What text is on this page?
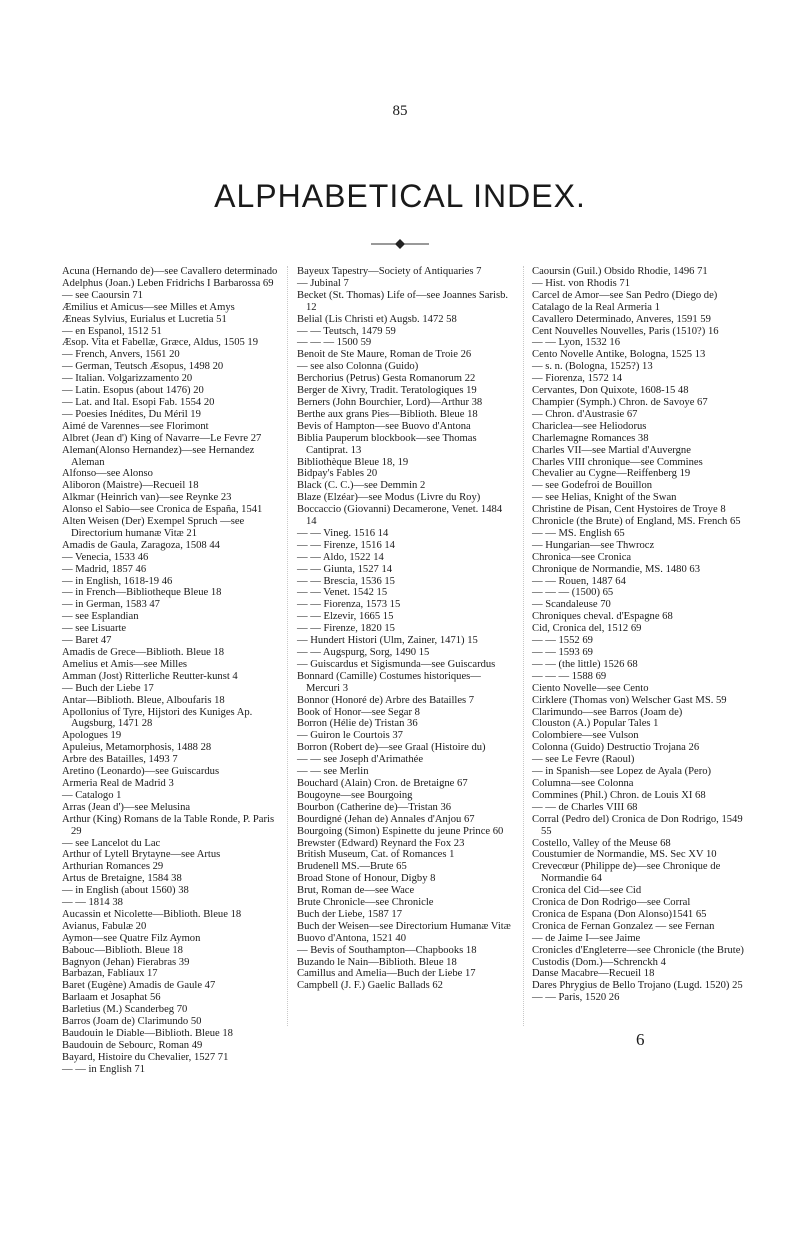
85
ALPHABETICAL INDEX.
Acuna (Hernando de)—see Cavallero determinado
Adelphus (Joan.) Leben Fridrichs I Barbarossa 69
— see Caoursin 71
Æmilius et Amicus—see Milles et Amys
Æneas Sylvius, Eurialus et Lucretia 51
— en Espanol, 1512 51
Æsop. Vita et Fabellæ, Græce, Aldus, 1505 19
— French, Anvers, 1561 20
— German, Teutsch Æsopus, 1498 20
— Italian. Volgarizzamento 20
— Latin. Esopus (about 1476) 20
— Lat. and Ital. Esopi Fab. 1554 20
— Poesies Inédites, Du Méril 19
Aimé de Varennes—see Florimont
Albret (Jean d') King of Navarre—Le Fevre 27
Aleman(Alonso Hernandez)—see Hernandez Aleman
Alfonso—see Alonso
Aliboron (Maistre)—Recueil 18
Alkmar (Heinrich van)—see Reynke 23
Alonso el Sabio—see Cronica de España, 1541
Alten Weisen (Der) Exempel Spruch —see Directorium humanæ Vitæ 21
Amadis de Gaula, Zaragoza, 1508 44
— Venecia, 1533 46
— Madrid, 1857 46
— in English, 1618-19 46
— in French—Bibliotheque Bleue 18
— in German, 1583 47
— see Esplandian
— see Lisuarte
— Baret 47
Amadis de Grece—Biblioth. Bleue 18
Amelius et Amis—see Milles
Amman (Jost) Ritterliche Reutter-kunst 4
— Buch der Liebe 17
Antar—Biblioth. Bleue, Alboufaris 18
Apollonius of Tyre, Hijstori des Kuniges Ap. Augsburg, 1471 28
Apologues 19
Apuleius, Metamorphosis, 1488 28
Arbre des Batailles, 1493 7
Aretino (Leonardo)—see Guiscardus
Armeria Real de Madrid 3
— Catalogo 1
Arras (Jean d')—see Melusina
Arthur (King) Romans de la Table Ronde, P. Paris 29
— see Lancelot du Lac
Arthur of Lytell Brytayne—see Artus
Arthurian Romances 29
Artus de Bretaigne, 1584 38
— in English (about 1560) 38
— — 1814 38
Aucassin et Nicolette—Biblioth. Bleue 18
Avianus, Fabulæ 20
Aymon—see Quatre Filz Aymon
Babouc—Biblioth. Bleue 18
Bagnyon (Jehan) Fierabras 39
Barbazan, Fabliaux 17
Baret (Eugène) Amadis de Gaule 47
Barlaam et Josaphat 56
Barletius (M.) Scanderbeg 70
Barros (Joam de) Clarimundo 50
Baudouin le Diable—Biblioth. Bleue 18
Baudouin de Sebourc, Roman 49
Bayard, Histoire du Chevalier, 1527 71
— — in English 71
Bayeux Tapestry—Society of Antiquaries 7
— Jubinal 7
Becket (St. Thomas) Life of—see Joannes Sarisb. 12
Belial (Lis Christi et) Augsb. 1472 58
— — Teutsch, 1479 59
— — — 1500 59
Benoit de Ste Maure, Roman de Troie 26
— see also Colonna (Guido)
Berchorius (Petrus) Gesta Romanorum 22
Berger de Xivry, Tradit. Teratologiques 19
Berners (John Bourchier, Lord)—Arthur 38
Berthe aux grans Pies—Biblioth. Bleue 18
Bevis of Hampton—see Buovo d'Antona
Biblia Pauperum blockbook—see Thomas Cantiprat. 13
Bibliothèque Bleue 18, 19
Bidpay's Fables 20
Black (C. C.)—see Demmin 2
Blaze (Elzéar)—see Modus (Livre du Roy)
Boccaccio (Giovanni) Decamerone, Venet. 1484 14
— — Vineg. 1516 14
— — Firenze, 1516 14
— — Aldo, 1522 14
— — Giunta, 1527 14
— — Brescia, 1536 15
— — Venet. 1542 15
— — Fiorenza, 1573 15
— — Elzevir, 1665 15
— — Firenze, 1820 15
— Hundert Histori (Ulm, Zainer, 1471) 15
— — Augspurg, Sorg, 1490 15
— Guiscardus et Sigismunda—see Guiscardus
Bonnard (Camille) Costumes historiques—Mercuri 3
Bonnor (Honoré de) Arbre des Batailles 7
Book of Honor—see Segar 8
Borron (Hélie de) Tristan 36
— Guiron le Courtois 37
Borron (Robert de)—see Graal (Histoire du)
— — see Joseph d'Arimathée
— — see Merlin
Bouchard (Alain) Cron. de Bretaigne 67
Bougoyne—see Bourgoing
Bourbon (Catherine de)—Tristan 36
Bourdigné (Jehan de) Annales d'Anjou 67
Bourgoing (Simon) Espinette du jeune Prince 60
Brewster (Edward) Reynard the Fox 23
British Museum, Cat. of Romances 1
Brudenell MS.—Brute 65
Broad Stone of Honour, Digby 8
Brut, Roman de—see Wace
Brute Chronicle—see Chronicle
Buch der Liebe, 1587 17
Buch der Weisen—see Directorium Humanæ Vitæ
Buovo d'Antona, 1521 40
— Bevis of Southampton—Chapbooks 18
Buzando le Nain—Biblioth. Bleue 18
Camillus and Amelia—Buch der Liebe 17
Campbell (J. F.) Gaelic Ballads 62
Caoursin (Guil.) Obsido Rhodie, 1496 71
— Hist. von Rhodis 71
Carcel de Amor—see San Pedro (Diego de)
Catalago de la Real Armeria 1
Cavallero Determinado, Anveres, 1591 59
Cent Nouvelles Nouvelles, Paris (1510?) 16
— — Lyon, 1532 16
Cento Novelle Antike, Bologna, 1525 13
— s. n. (Bologna, 1525?) 13
— Fiorenza, 1572 14
Cervantes, Don Quixote, 1608-15 48
Champier (Symph.) Chron. de Savoye 67
— Chron. d'Austrasie 67
Chariclea—see Heliodorus
Charlemagne Romances 38
Charles VII—see Martial d'Auvergne
Charles VIII chronique—see Commines
Chevalier au Cygne—Reiffenberg 19
— see Godefroi de Bouillon
— see Helias, Knight of the Swan
Christine de Pisan, Cent Hystoires de Troye 8
Chronicle (the Brute) of England, MS. French 65
— — MS. English 65
— Hungarian—see Thwrocz
Chronica—see Cronica
Chronique de Normandie, MS. 1480 63
— — Rouen, 1487 64
— — — (1500) 65
— Scandaleuse 70
Chroniques cheval. d'Espagne 68
Cid, Cronica del, 1512 69
— — 1552 69
— — 1593 69
— — (the little) 1526 68
— — — 1588 69
Ciento Novelle—see Cento
Cirklere (Thomas von) Welscher Gast MS. 59
Clarimundo—see Barros (Joam de)
Clouston (A.) Popular Tales 1
Colombiere—see Vulson
Colonna (Guido) Destructio Trojana 26
— see Le Fevre (Raoul)
— in Spanish—see Lopez de Ayala (Pero)
Columna—see Colonna
Commines (Phil.) Chron. de Louis XI 68
— — de Charles VIII 68
Corral (Pedro del) Cronica de Don Rodrigo, 1549 55
Costello, Valley of the Meuse 68
Coustumier de Normandie, MS. Sec XV 10
Crevecœur (Philippe de)—see Chronique de Normandie 64
Cronica del Cid—see Cid
Cronica de Don Rodrigo—see Corral
Cronica de Espana (Don Alonso)1541 65
Cronica de Fernan Gonzalez — see Fernan
— de Jaime I—see Jaime
Cronicles d'Engleterre—see Chronicle (the Brute)
Custodis (Dom.)—Schrenckh 4
Danse Macabre—Recueil 18
Dares Phrygius de Bello Trojano (Lugd. 1520) 25
— — Paris, 1520 26
6
